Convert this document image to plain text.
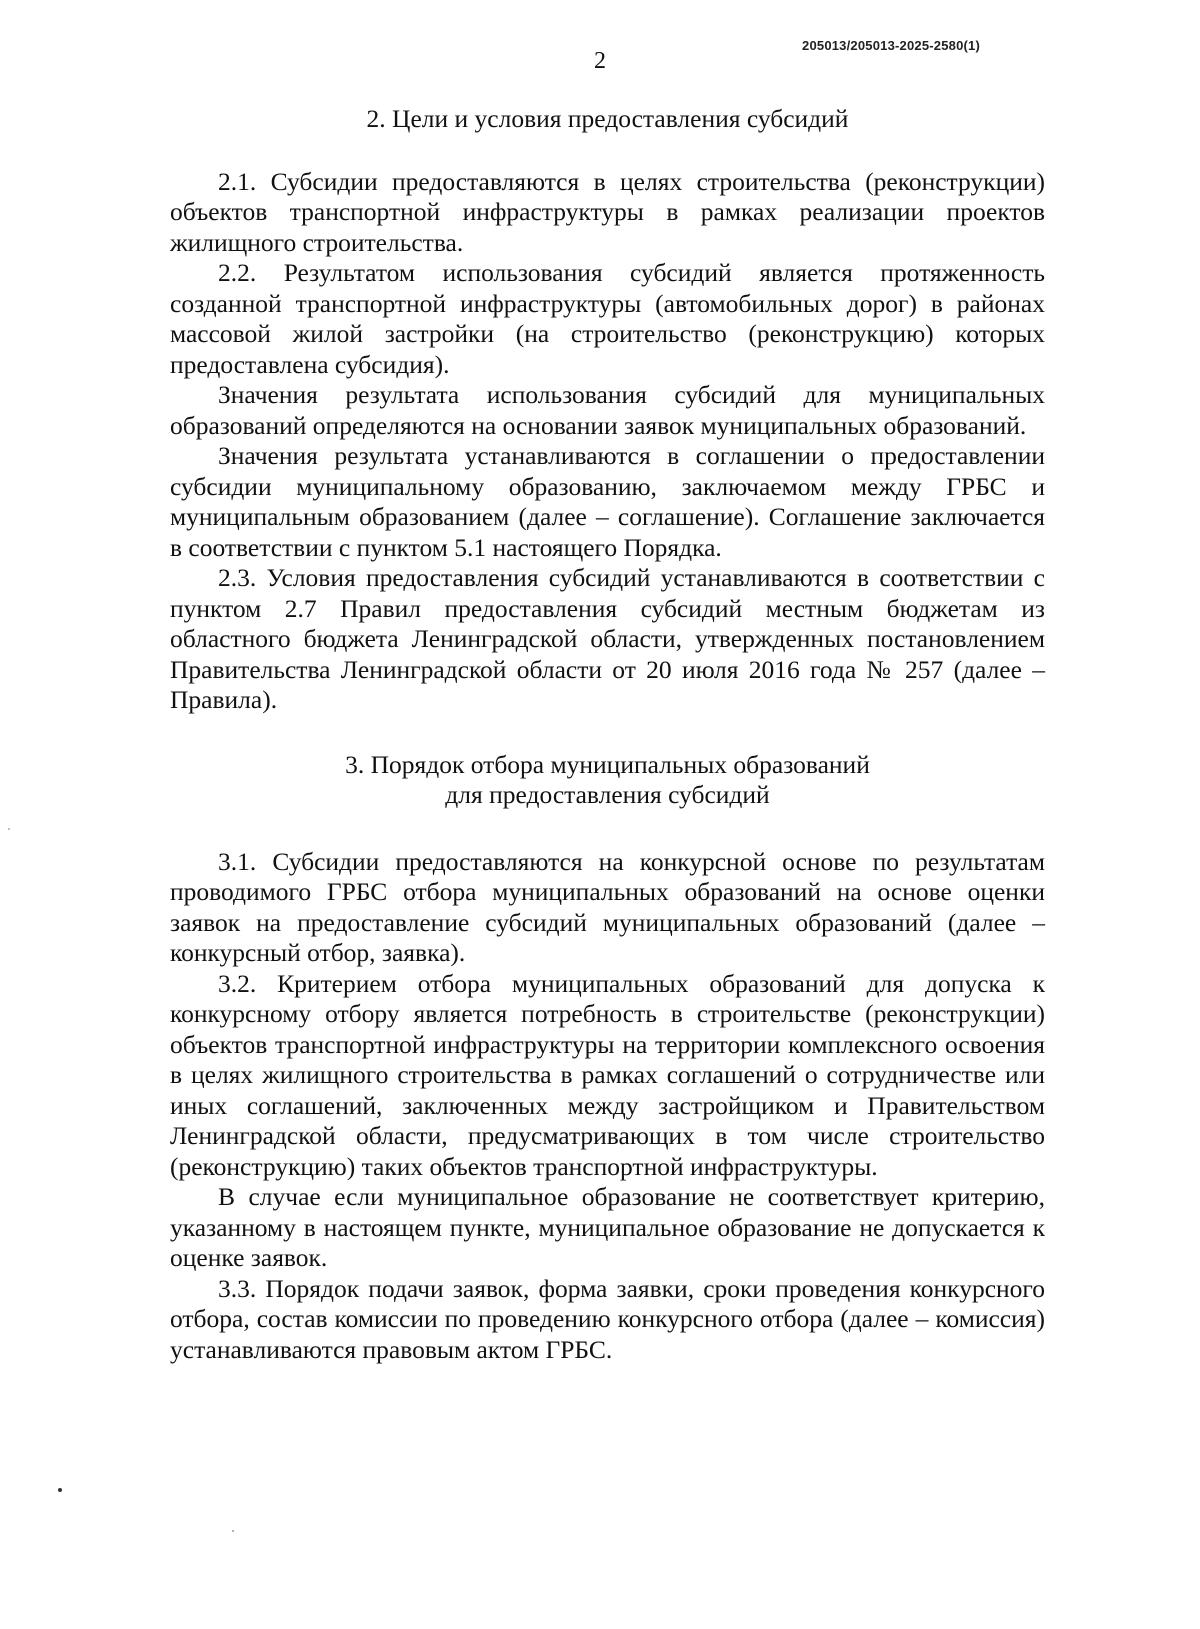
205013/205013-2025-2580(1)
2
2. Цели и условия предоставления субсидий

2.1. Субсидии предоставляются в целях строительства (реконструкции) объектов транспортной инфраструктуры в рамках реализации проектов жилищного строительства.

2.2. Результатом использования субсидий является протяженность созданной транспортной инфраструктуры (автомобильных дорог) в районах массовой жилой застройки (на строительство (реконструкцию) которых предоставлена субсидия).

Значения результата использования субсидий для муниципальных образований определяются на основании заявок муниципальных образований.

Значения результата устанавливаются в соглашении о предоставлении субсидии муниципальному образованию, заключаемом между ГРБС и муниципальным образованием (далее – соглашение). Соглашение заключается в соответствии с пунктом 5.1 настоящего Порядка.

2.3. Условия предоставления субсидий устанавливаются в соответствии с пунктом 2.7 Правил предоставления субсидий местным бюджетам из областного бюджета Ленинградской области, утвержденных постановлением Правительства Ленинградской области от 20 июля 2016 года № 257 (далее – Правила).

3. Порядок отбора муниципальных образований
для предоставления субсидий

3.1. Субсидии предоставляются на конкурсной основе по результатам проводимого ГРБС отбора муниципальных образований на основе оценки заявок на предоставление субсидий муниципальных образований (далее – конкурсный отбор, заявка).

3.2. Критерием отбора муниципальных образований для допуска к конкурсному отбору является потребность в строительстве (реконструкции) объектов транспортной инфраструктуры на территории комплексного освоения в целях жилищного строительства в рамках соглашений о сотрудничестве или иных соглашений, заключенных между застройщиком и Правительством Ленинградской области, предусматривающих в том числе строительство (реконструкцию) таких объектов транспортной инфраструктуры.

В случае если муниципальное образование не соответствует критерию, указанному в настоящем пункте, муниципальное образование не допускается к оценке заявок.

3.3. Порядок подачи заявок, форма заявки, сроки проведения конкурсного отбора, состав комиссии по проведению конкурсного отбора (далее – комиссия) устанавливаются правовым актом ГРБС.
